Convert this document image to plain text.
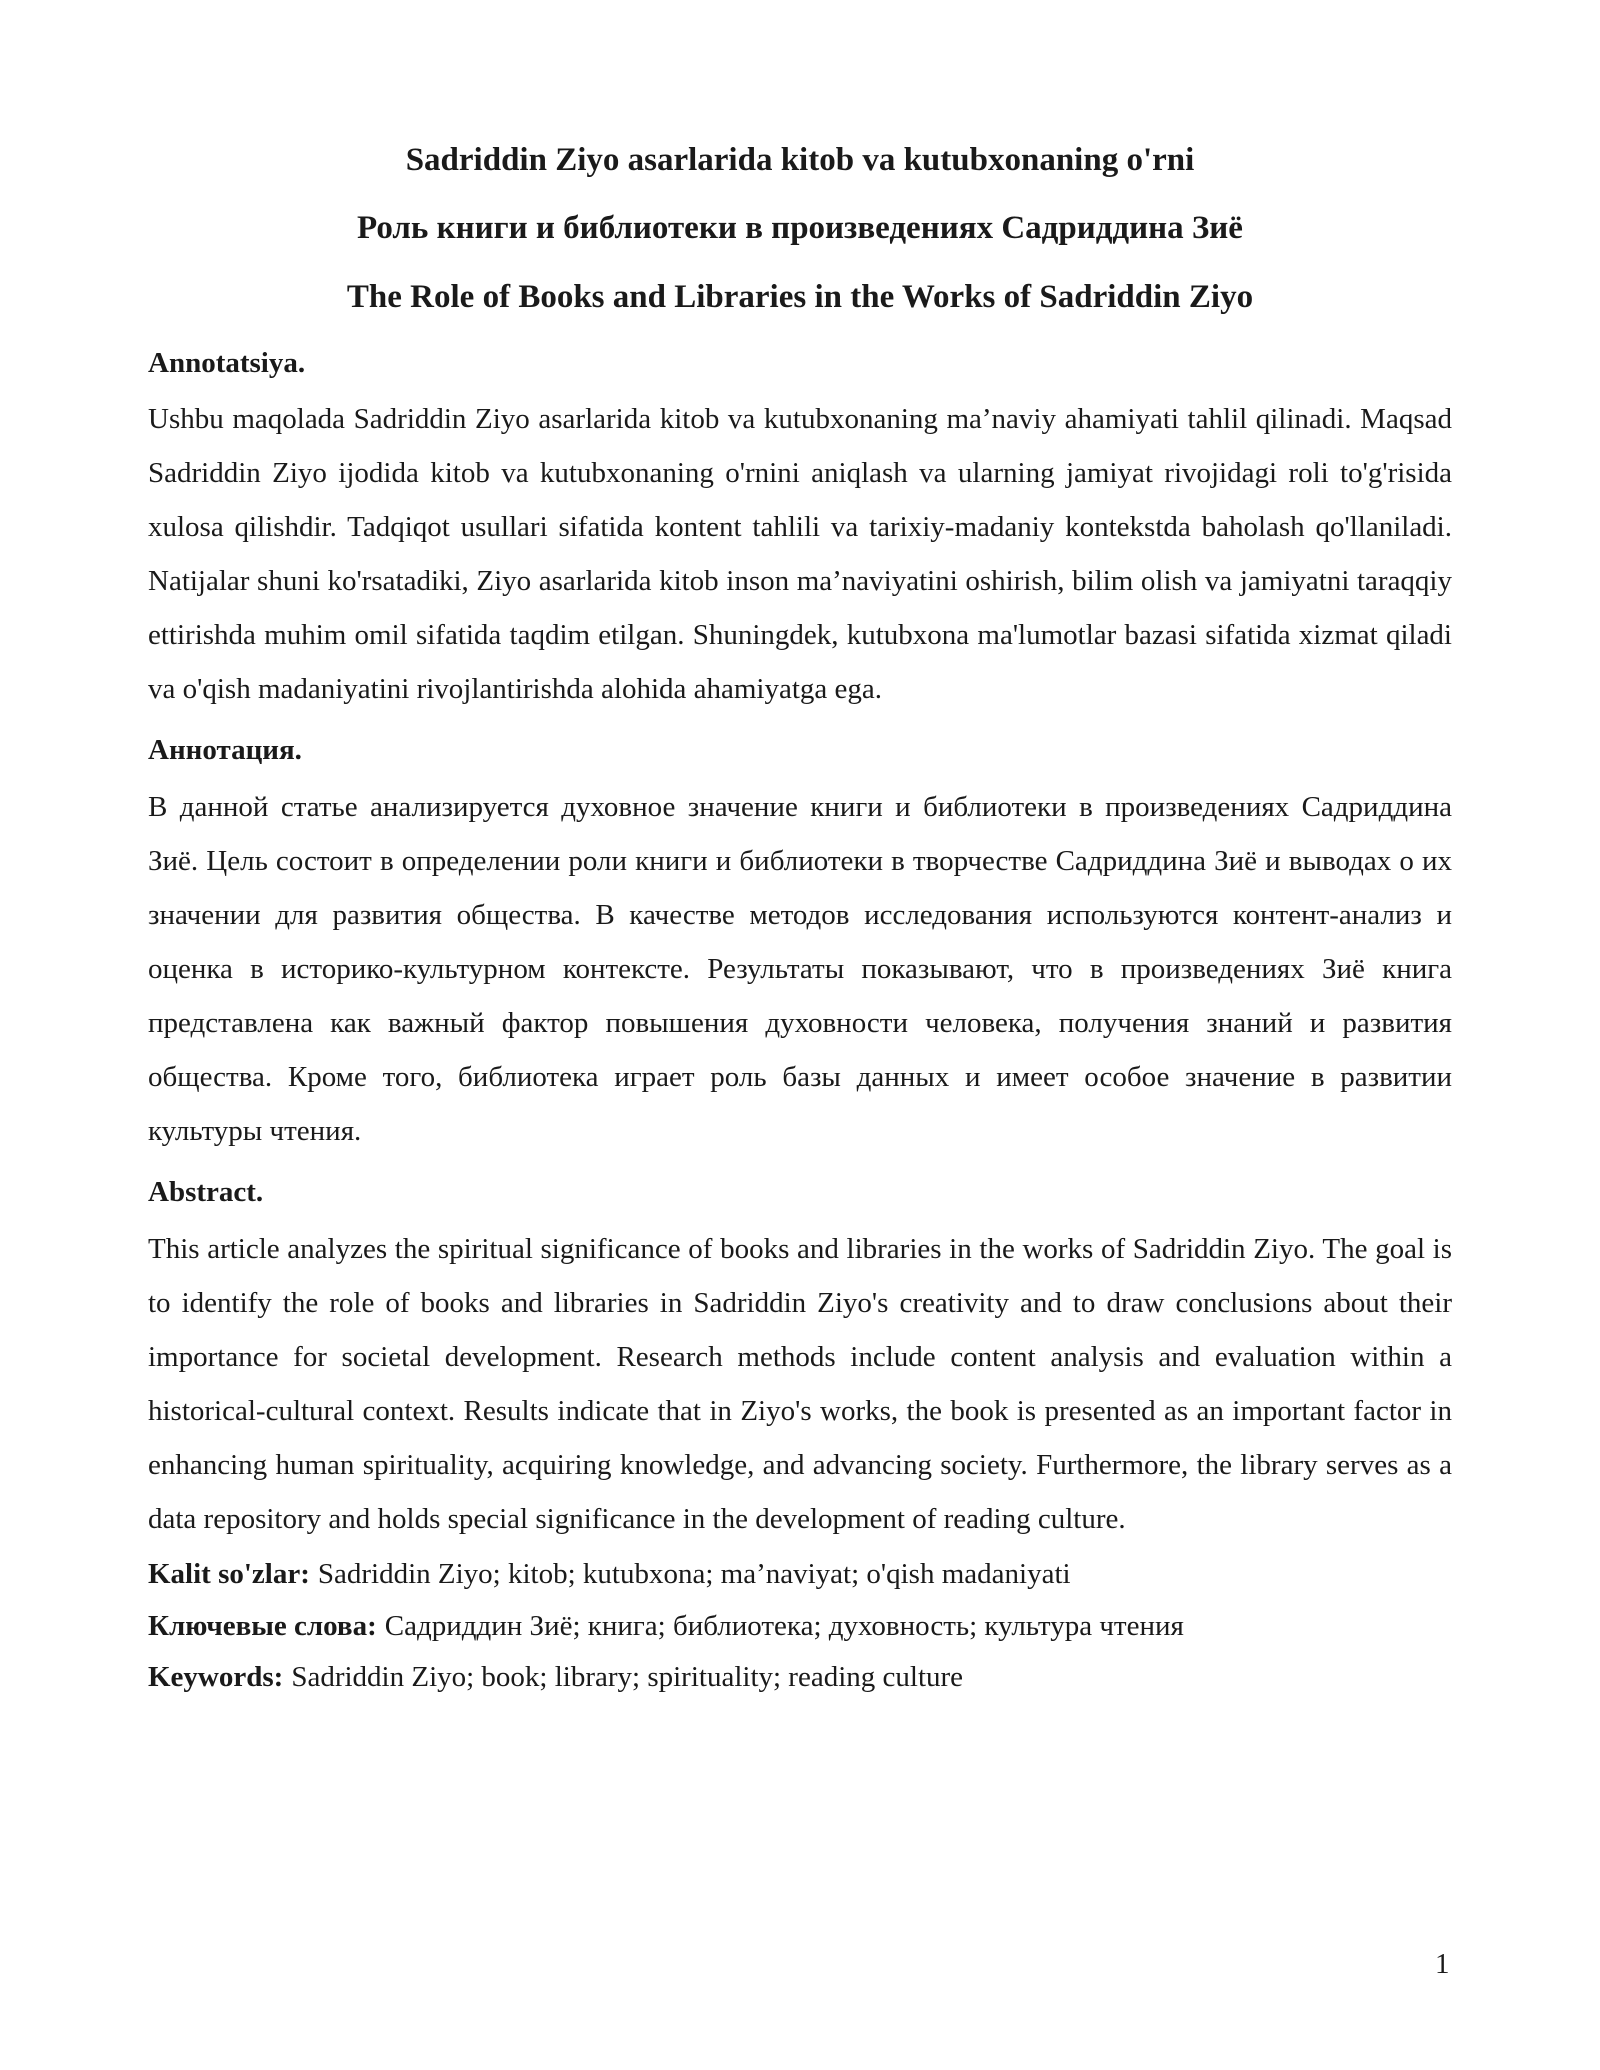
Sadriddin Ziyo asarlarida kitob va kutubxonaning o'rni
Роль книги и библиотеки в произведениях Садриддина Зиё
The Role of Books and Libraries in the Works of Sadriddin Ziyo

Annotatsiya.

Ushbu maqolada Sadriddin Ziyo asarlarida kitob va kutubxonaning ma’naviy ahamiyati tahlil qilinadi. Maqsad Sadriddin Ziyo ijodida kitob va kutubxonaning o'rnini aniqlash va ularning jamiyat rivojidagi roli to'g'risida xulosa qilishdir. Tadqiqot usullari sifatida kontent tahlili va tarixiy-madaniy kontekstda baholash qo'llaniladi. Natijalar shuni ko'rsatadiki, Ziyo asarlarida kitob inson ma’naviyatini oshirish, bilim olish va jamiyatni taraqqiy ettirishda muhim omil sifatida taqdim etilgan. Shuningdek, kutubxona ma'lumotlar bazasi sifatida xizmat qiladi va o'qish madaniyatini rivojlantirishda alohida ahamiyatga ega.

Аннотация.

В данной статье анализируется духовное значение книги и библиотеки в произведениях Садриддина Зиё. Цель состоит в определении роли книги и библиотеки в творчестве Садриддина Зиё и выводах о их значении для развития общества. В качестве методов исследования используются контент-анализ и оценка в историко-культурном контексте. Результаты показывают, что в произведениях Зиё книга представлена как важный фактор повышения духовности человека, получения знаний и развития общества. Кроме того, библиотека играет роль базы данных и имеет особое значение в развитии культуры чтения.

Abstract.

This article analyzes the spiritual significance of books and libraries in the works of Sadriddin Ziyo. The goal is to identify the role of books and libraries in Sadriddin Ziyo's creativity and to draw conclusions about their importance for societal development. Research methods include content analysis and evaluation within a historical-cultural context. Results indicate that in Ziyo's works, the book is presented as an important factor in enhancing human spirituality, acquiring knowledge, and advancing society. Furthermore, the library serves as a data repository and holds special significance in the development of reading culture.

Kalit so'zlar: Sadriddin Ziyo; kitob; kutubxona; ma’naviyat; o'qish madaniyati

Ключевые слова: Садриддин Зиё; книга; библиотека; духовность; культура чтения

Keywords: Sadriddin Ziyo; book; library; spirituality; reading culture

1
